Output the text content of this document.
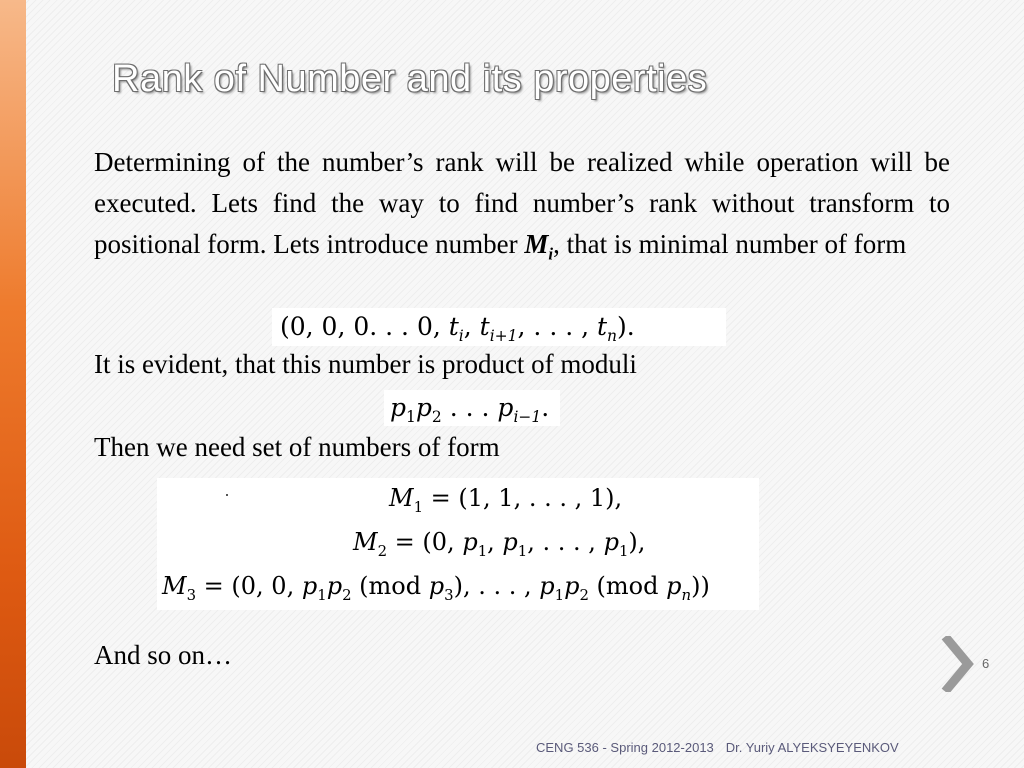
Rank of Number and its properties
Determining of the number’s rank will be realized while operation will be executed. Lets find the way to find number’s rank without transform to positional form. Lets introduce number $M_i$, that is minimal number of form
(0, 0, 0. . . 0, $t_i$, $t_{i+1}$, . . . , $t_n$).
It is evident, that this number is product of moduli
$p_1p_2$ . . . $p_{i-1}$.
Then we need set of numbers of form
$M_1 = (1$, 1, . . . , 1),
$M_2 = (0$, $p_1$, $p_1$, . . . , $p_1$),
$M_3 = (0$, 0, $p_1p_2$ (mod $p_3$), . . . , $p_1p_2$ (mod $p_n$))
And so on…	6
CENG 536 - Spring 2012-2013 Dr. Yuriy ALYEKSYEYENKOV
